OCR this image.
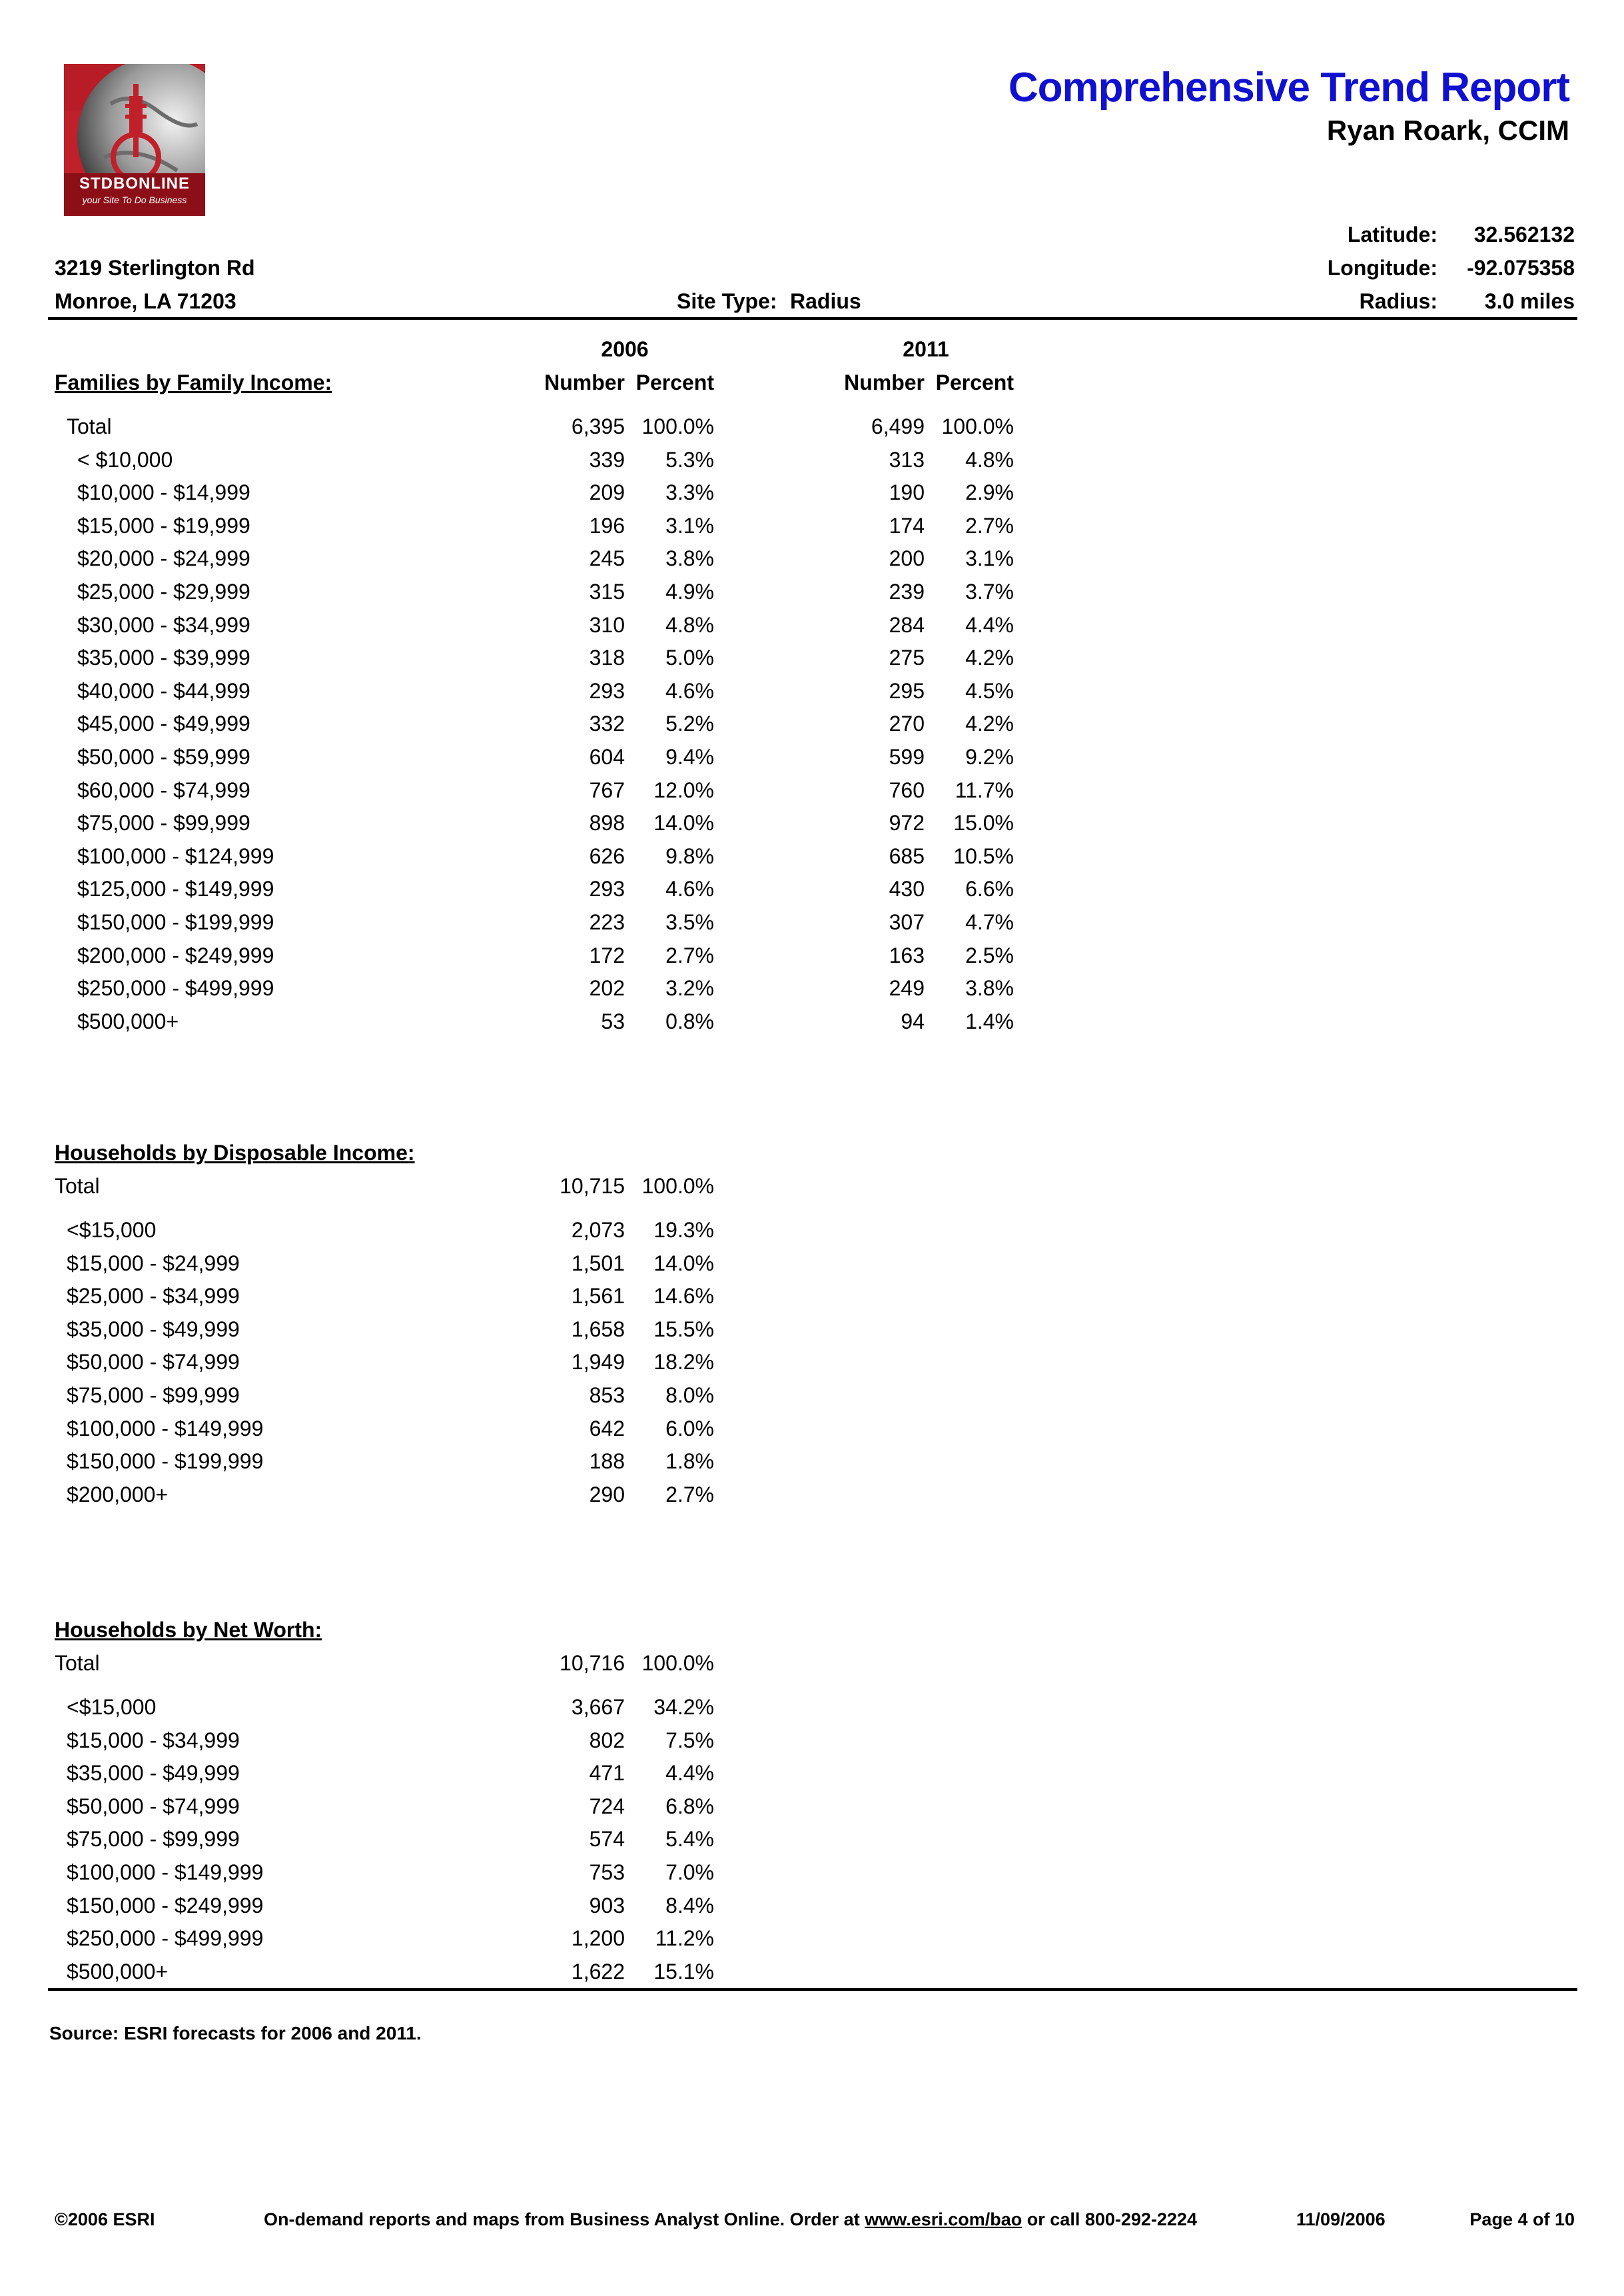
STDBONLINE
your Site To Do Business
Comprehensive Trend Report
Ryan Roark, CCIM
3219 Sterlington Rd
Monroe, LA 71203	Site Type: Radius
Latitude: 32.562132
Longitude: -92.075358
Radius: 3.0 miles
2006	2011
Families by Family Income:	Number Percent	Number Percent
Total	6,395 100.0%	6,499 100.0%
< $10,000	339	5.3%	313	4.8%
$10,000 - $14,999	209	3.3%	190	2.9%
$15,000 - $19,999	196	3.1%	174	2.7%
$20,000 - $24,999	245	3.8%	200	3.1%
$25,000 - $29,999	315	4.9%	239	3.7%
$30,000 - $34,999	310	4.8%	284	4.4%
$35,000 - $39,999	318	5.0%	275	4.2%
$40,000 - $44,999	293	4.6%	295	4.5%
$45,000 - $49,999	332	5.2%	270	4.2%
$50,000 - $59,999	604	9.4%	599	9.2%
$60,000 - $74,999	767	12.0%	760	11.7%
$75,000 - $99,999	898	14.0%	972	15.0%
$100,000 - $124,999	626	9.8%	685	10.5%
$125,000 - $149,999	293	4.6%	430	6.6%
$150,000 - $199,999	223	3.5%	307	4.7%
$200,000 - $249,999	172	2.7%	163	2.5%
$250,000 - $499,999	202	3.2%	249	3.8%
$500,000+	53	0.8%	94	1.4%
Households by Disposable Income:
Total	10,715 100.0%
<$15,000	2,073	19.3%
$15,000 - $24,999	1,501	14.0%
$25,000 - $34,999	1,561	14.6%
$35,000 - $49,999	1,658	15.5%
$50,000 - $74,999	1,949	18.2%
$75,000 - $99,999	853	8.0%
$100,000 - $149,999	642	6.0%
$150,000 - $199,999	188	1.8%
$200,000+	290	2.7%
Households by Net Worth:
Total	10,716 100.0%
<$15,000	3,667	34.2%
$15,000 - $34,999	802	7.5%
$35,000 - $49,999	471	4.4%
$50,000 - $74,999	724	6.8%
$75,000 - $99,999	574	5.4%
$100,000 - $149,999	753	7.0%
$150,000 - $249,999	903	8.4%
$250,000 - $499,999	1,200	11.2%
$500,000+	1,622	15.1%
Source: ESRI forecasts for 2006 and 2011.
©2006 ESRI	On-demand reports and maps from Business Analyst Online. Order at www.esri.com/bao or call 800-292-2224	11/09/2006	Page 4 of 10
